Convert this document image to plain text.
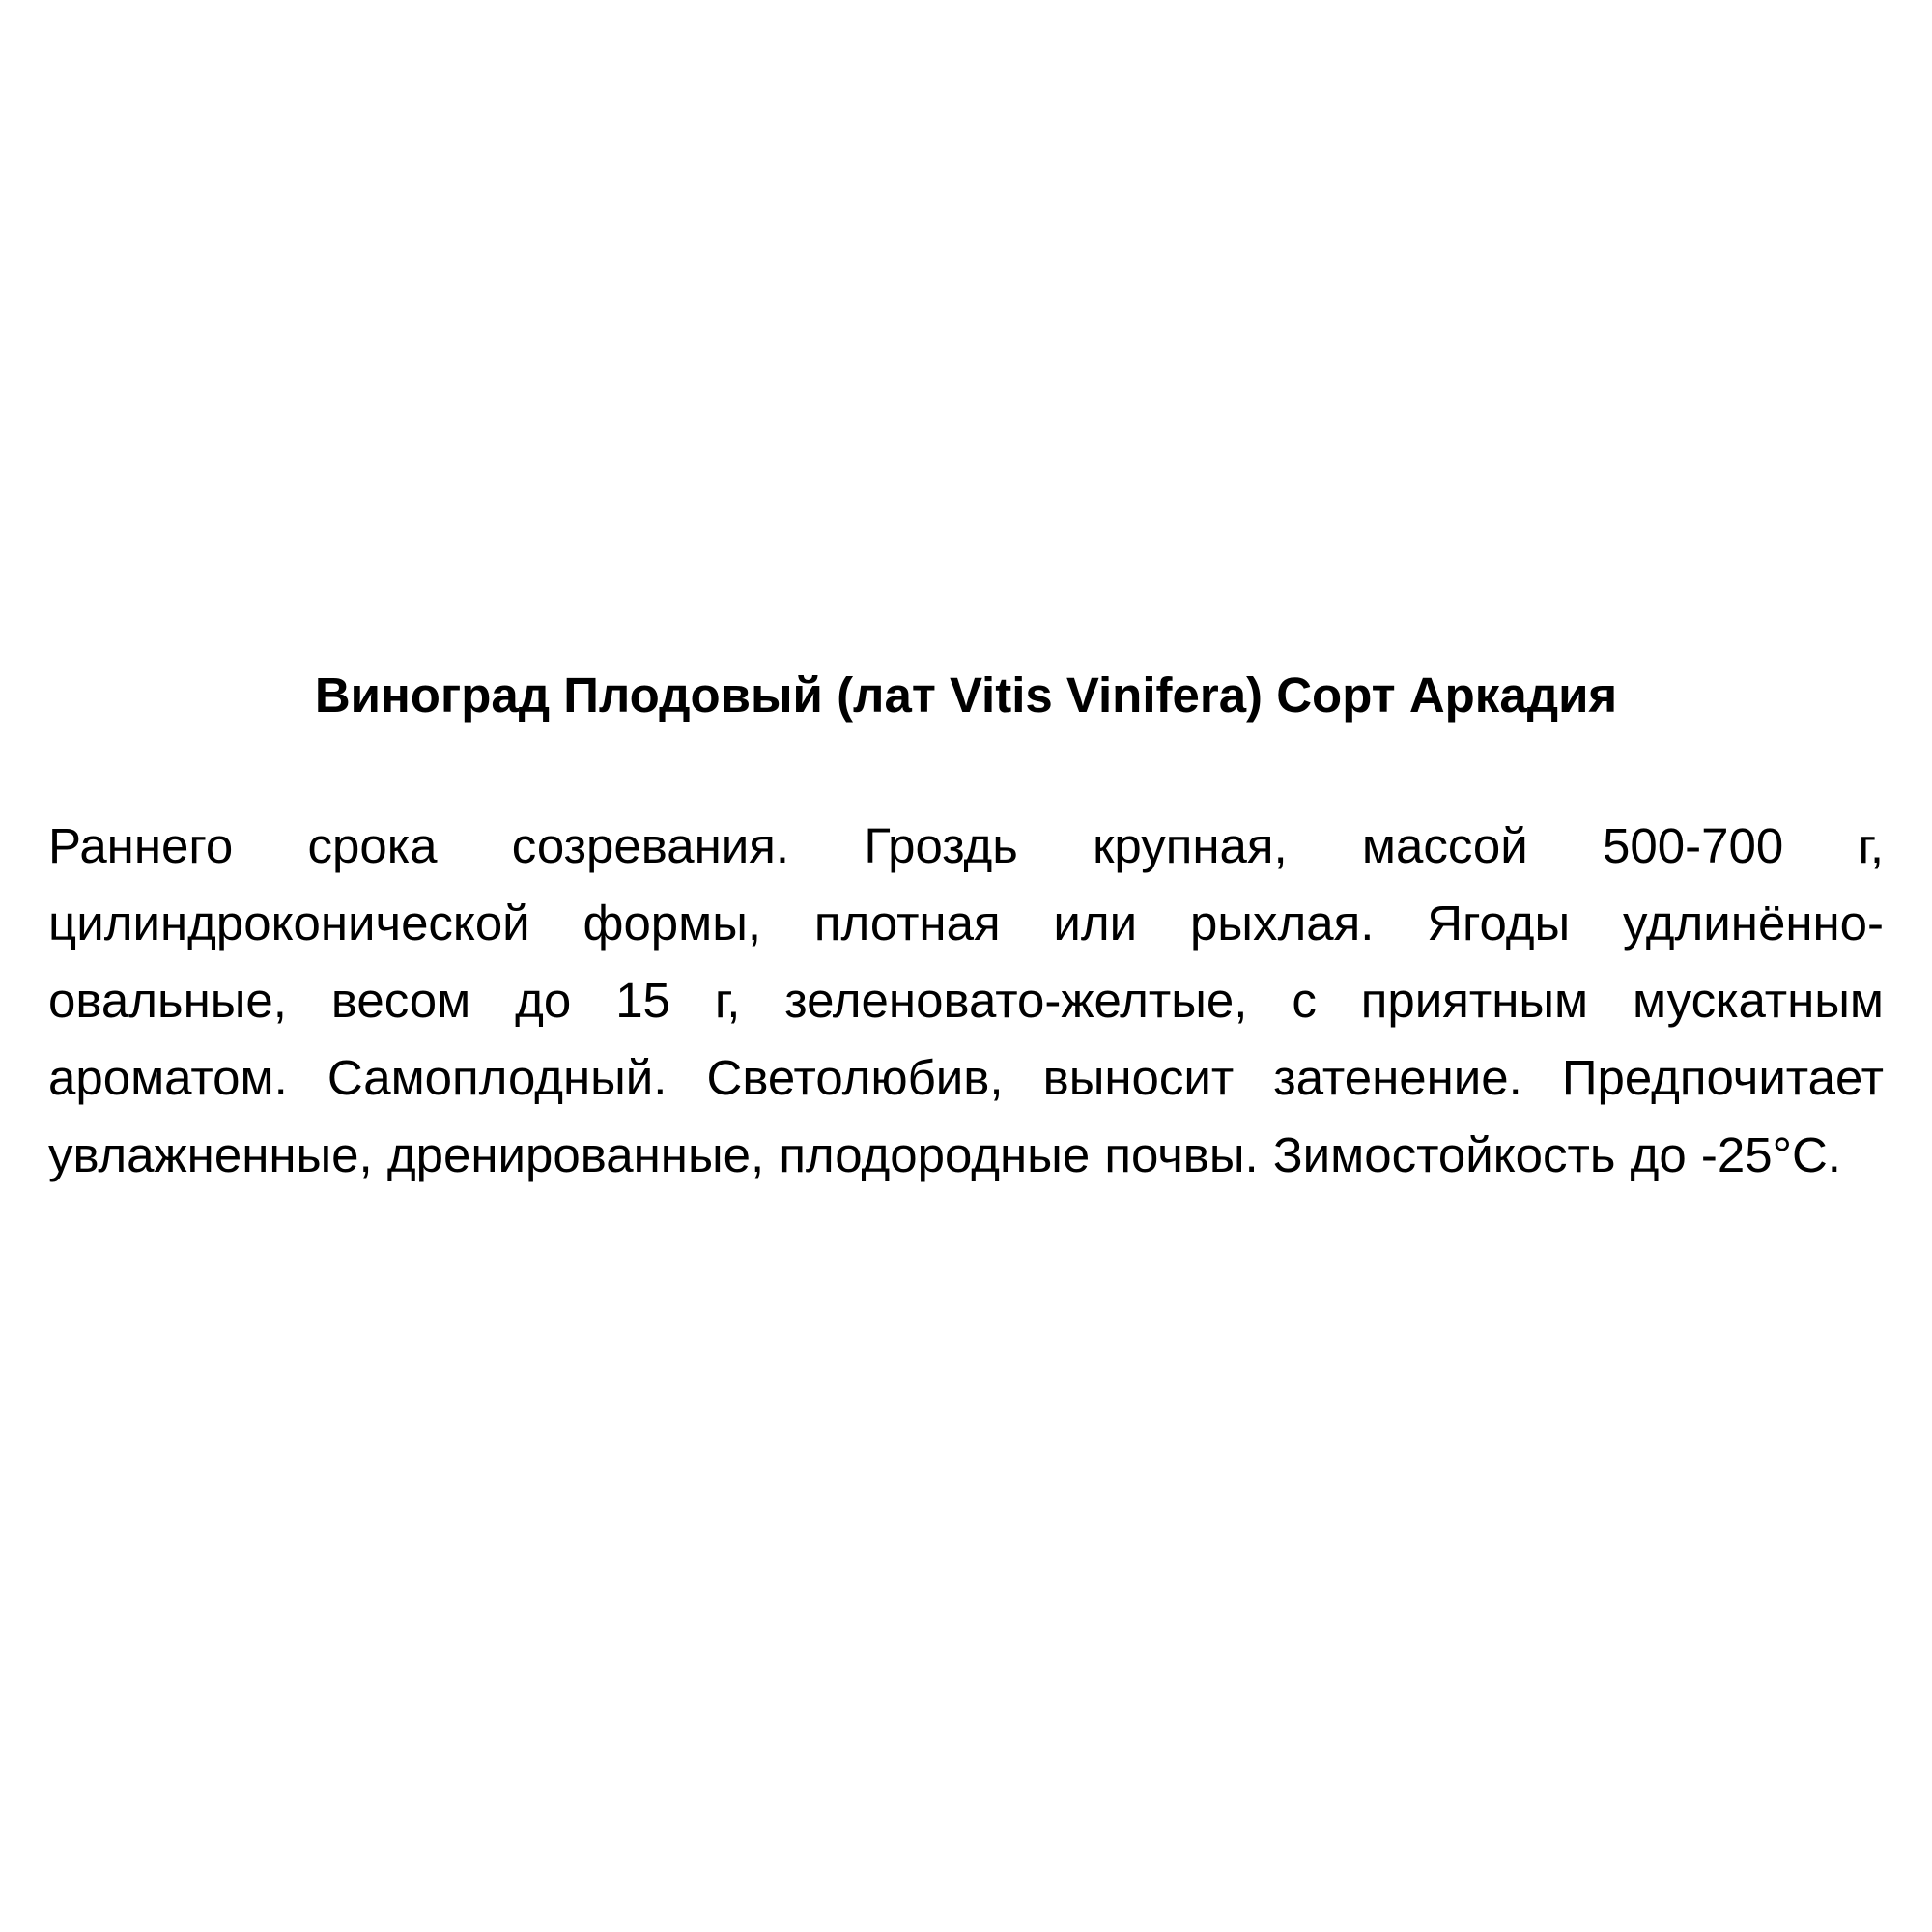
Виноград Плодовый (лат Vitis Vinifera) Сорт Аркадия

Раннего срока созревания. Гроздь крупная, массой 500-700 г, цилиндроконической формы, плотная или рыхлая. Ягоды удлинённо-овальные, весом до 15 г, зеленовато-желтые, с приятным мускатным ароматом. Самоплодный. Светолюбив, выносит затенение. Предпочитает увлажненные, дренированные, плодородные почвы. Зимостойкость до -25°С.
